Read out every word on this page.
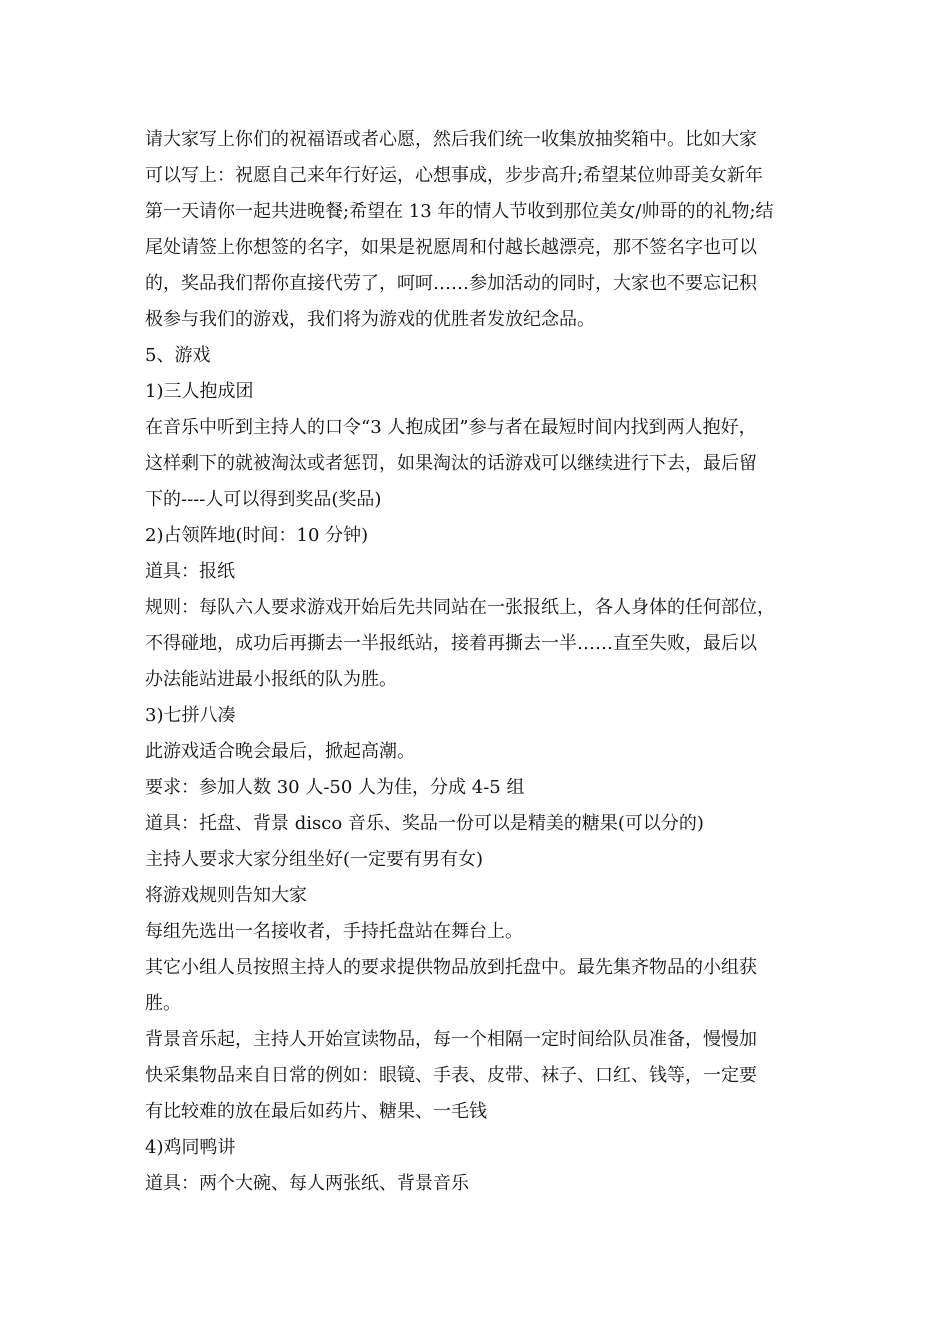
请大家写上你们的祝福语或者心愿，然后我们统一收集放抽奖箱中。比如大家

可以写上：祝愿自己来年行好运，心想事成，步步高升;希望某位帅哥美女新年

第一天请你一起共进晚餐;希望在 13 年的情人节收到那位美女/帅哥的的礼物;结

尾处请签上你想签的名字，如果是祝愿周和付越长越漂亮，那不签名字也可以

的，奖品我们帮你直接代劳了，呵呵……参加活动的同时，大家也不要忘记积

极参与我们的游戏，我们将为游戏的优胜者发放纪念品。

5、游戏

1)三人抱成团

在音乐中听到主持人的口令“3 人抱成团”参与者在最短时间内找到两人抱好，

这样剩下的就被淘汰或者惩罚，如果淘汰的话游戏可以继续进行下去，最后留

下的----人可以得到奖品(奖品)

2)占领阵地(时间：10 分钟)

道具：报纸

规则：每队六人要求游戏开始后先共同站在一张报纸上，各人身体的任何部位，

不得碰地，成功后再撕去一半报纸站，接着再撕去一半……直至失败，最后以

办法能站进最小报纸的队为胜。

3)七拼八凑

此游戏适合晚会最后，掀起高潮。

要求：参加人数 30 人-50 人为佳，分成 4-5 组

道具：托盘、背景 disco 音乐、奖品一份可以是精美的糖果(可以分的)

主持人要求大家分组坐好(一定要有男有女)

将游戏规则告知大家

每组先选出一名接收者，手持托盘站在舞台上。

其它小组人员按照主持人的要求提供物品放到托盘中。最先集齐物品的小组获

胜。

背景音乐起，主持人开始宣读物品，每一个相隔一定时间给队员准备，慢慢加

快采集物品来自日常的例如：眼镜、手表、皮带、袜子、口红、钱等，一定要

有比较难的放在最后如药片、糖果、一毛钱

4)鸡同鸭讲

道具：两个大碗、每人两张纸、背景音乐
